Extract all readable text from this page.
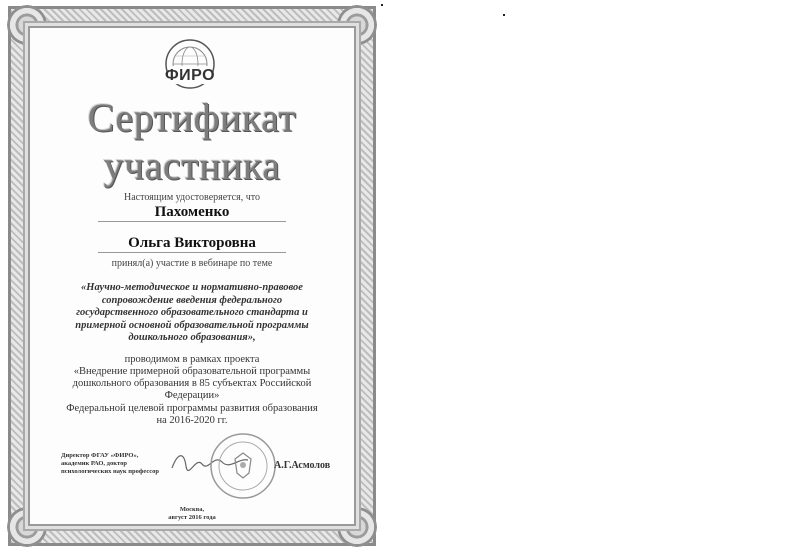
ФИРО
Сертификат
участника
Настоящим удостоверяется, что
Пахоменко
Ольга Викторовна
принял(а) участие в вебинаре по теме
«Научно-методическое и нормативно-правовое сопровождение введения федерального государственного образовательного стандарта и примерной основной образовательной программы дошкольного образования»,
проводимом в рамках проекта
«Внедрение примерной образовательной программы дошкольного образования в 85 субъектах Российской Федерации»
Федеральной целевой программы развития образования на 2016-2020 гг.
Директор ФГАУ «ФИРО», академик РАО, доктор психологических наук профессор
А.Г.Асмолов
Москва,
август 2016 года
